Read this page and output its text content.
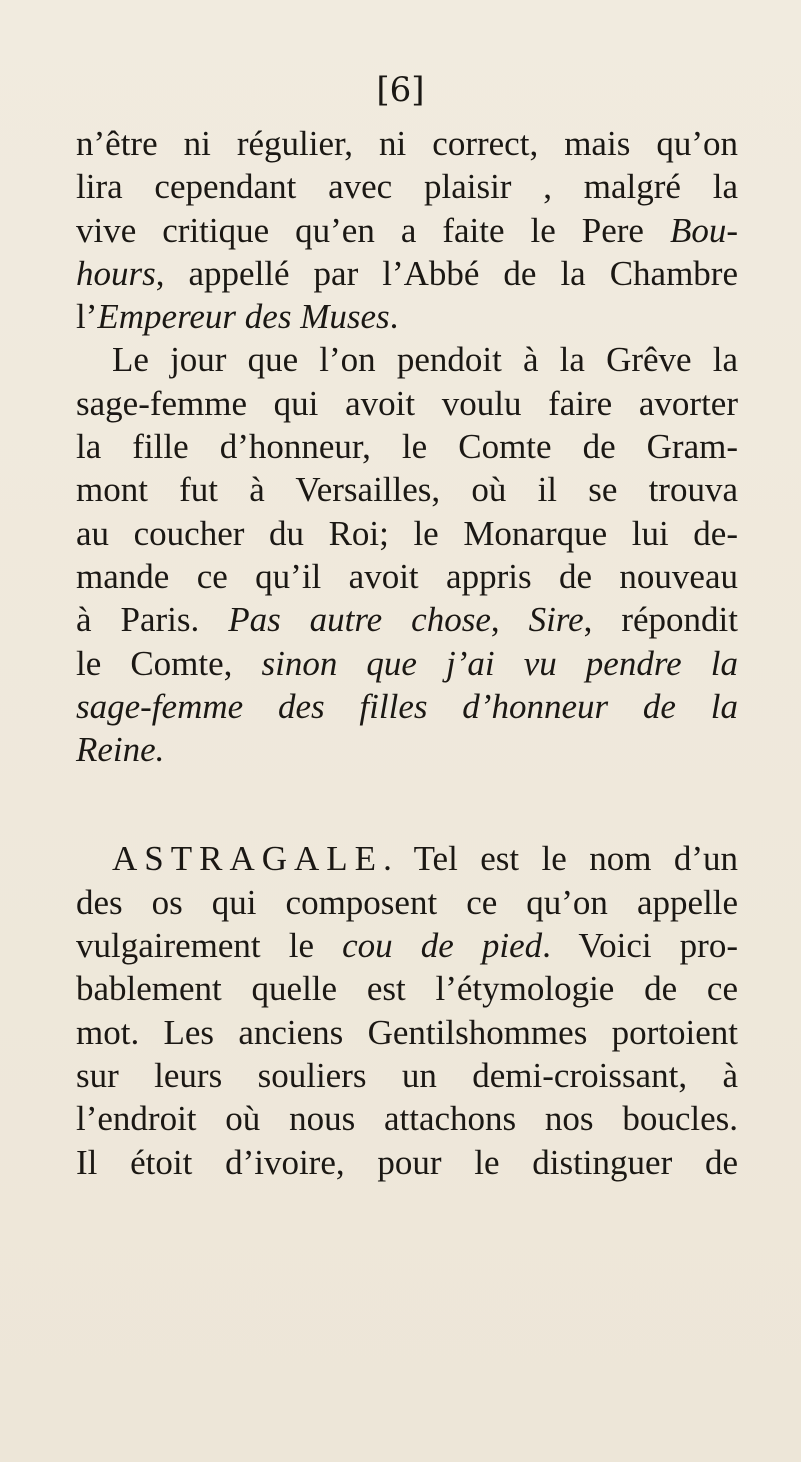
[6]
n’être ni régulier, ni correct, mais qu’on
lira cependant avec plaisir , malgré la
vive critique qu’en a faite le Pere Bou-
hours, appellé par l’Abbé de la Chambre
l’Empereur des Muses.
Le jour que l’on pendoit à la Grêve la
sage-femme qui avoit voulu faire avorter
la fille d’honneur, le Comte de Gram-
mont fut à Versailles, où il se trouva
au coucher du Roi; le Monarque lui de-
mande ce qu’il avoit appris de nouveau
à Paris. Pas autre chose, Sire, répondit
le Comte, sinon que j’ai vu pendre la
sage-femme des filles d’honneur de la
Reine.
ASTRAGALE. Tel est le nom d’un
des os qui composent ce qu’on appelle
vulgairement le cou de pied. Voici pro-
bablement quelle est l’étymologie de ce
mot. Les anciens Gentilshommes portoient
sur leurs souliers un demi-croissant, à
l’endroit où nous attachons nos boucles.
Il étoit d’ivoire, pour le distinguer de
